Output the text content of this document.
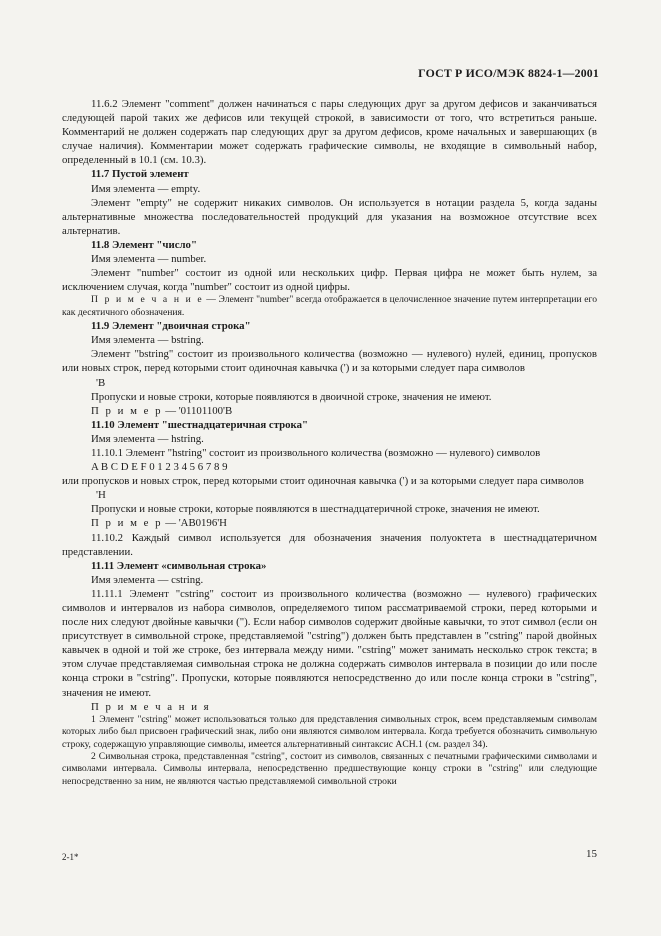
ГОСТ Р ИСО/МЭК 8824-1—2001

11.6.2 Элемент "comment" должен начинаться с пары следующих друг за другом дефисов и заканчиваться следующей парой таких же дефисов или текущей строкой, в зависимости от того, что встретиться раньше. Комментарий не должен содержать пар следующих друг за другом дефисов, кроме начальных и завершающих (в случае наличия). Комментарии может содержать графические символы, не входящие в символьный набор, определенный в 10.1 (см. 10.3).

11.7 Пустой элемент

Имя элемента — empty.

Элемент "empty" не содержит никаких символов. Он используется в нотации раздела 5, когда заданы альтернативные множества последовательностей продукций для указания на возможное отсутствие всех альтернатив.

11.8 Элемент "число"

Имя элемента — number.

Элемент "number" состоит из одной или нескольких цифр. Первая цифра не может быть нулем, за исключением случая, когда "number" состоит из одной цифры.

П р и м е ч а н и е — Элемент "number" всегда отображается в целочисленное значение путем интерпретации его как десятичного обозначения.

11.9 Элемент "двоичная строка"

Имя элемента — bstring.

Элемент "bstring" состоит из произвольного количества (возможно — нулевого) нулей, единиц, пропусков или новых строк, перед которыми стоит одиночная кавычка (') и за которыми следует пара символов

'B

Пропуски и новые строки, которые появляются в двоичной строке, значения не имеют.

П р и м е р — '01101100'B

11.10 Элемент "шестнадцатеричная строка"

Имя элемента — hstring.

11.10.1 Элемент "hstring" состоит из произвольного количества (возможно — нулевого) символов

A B C D E F 0 1 2 3 4 5 6 7 8 9

или пропусков и новых строк, перед которыми стоит одиночная кавычка (') и за которыми следует пара символов

'H

Пропуски и новые строки, которые появляются в шестнадцатеричной строке, значения не имеют.

П р и м е р — 'AB0196'H

11.10.2 Каждый символ используется для обозначения значения полуоктета в шестнадцатеричном представлении.

11.11 Элемент «символьная строка»

Имя элемента — cstring.

11.11.1 Элемент "cstring" состоит из произвольного количества (возможно — нулевого) графических символов и интервалов из набора символов, определяемого типом рассматриваемой строки, перед которыми и после них следуют двойные кавычки ("). Если набор символов содержит двойные кавычки, то этот символ (если он присутствует в символьной строке, представляемой "cstring") должен быть представлен в "cstring" парой двойных кавычек в одной и той же строке, без интервала между ними. "cstring" может занимать несколько строк текста; в этом случае представляемая символьная строка не должна содержать символов интервала в позиции до или после конца строки в "cstring". Пропуски, которые появляются непосредственно до или после конца строки в "cstring", значения не имеют.

П р и м е ч а н и я

1 Элемент "cstring" может использоваться только для представления символьных строк, всем представляемым символам которых либо был присвоен графический знак, либо они являются символом интервала. Когда требуется обозначить символьную строку, содержащую управляющие символы, имеется альтернативный синтаксис ACH.1 (см. раздел 34).

2 Символьная строка, представленная "cstring", состоит из символов, связанных с печатными графическими символами и символами интервала. Символы интервала, непосредственно предшествующие концу строки в "cstring" или следующие непосредственно за ним, не являются частью представляемой символьной строки

2-1*	15
